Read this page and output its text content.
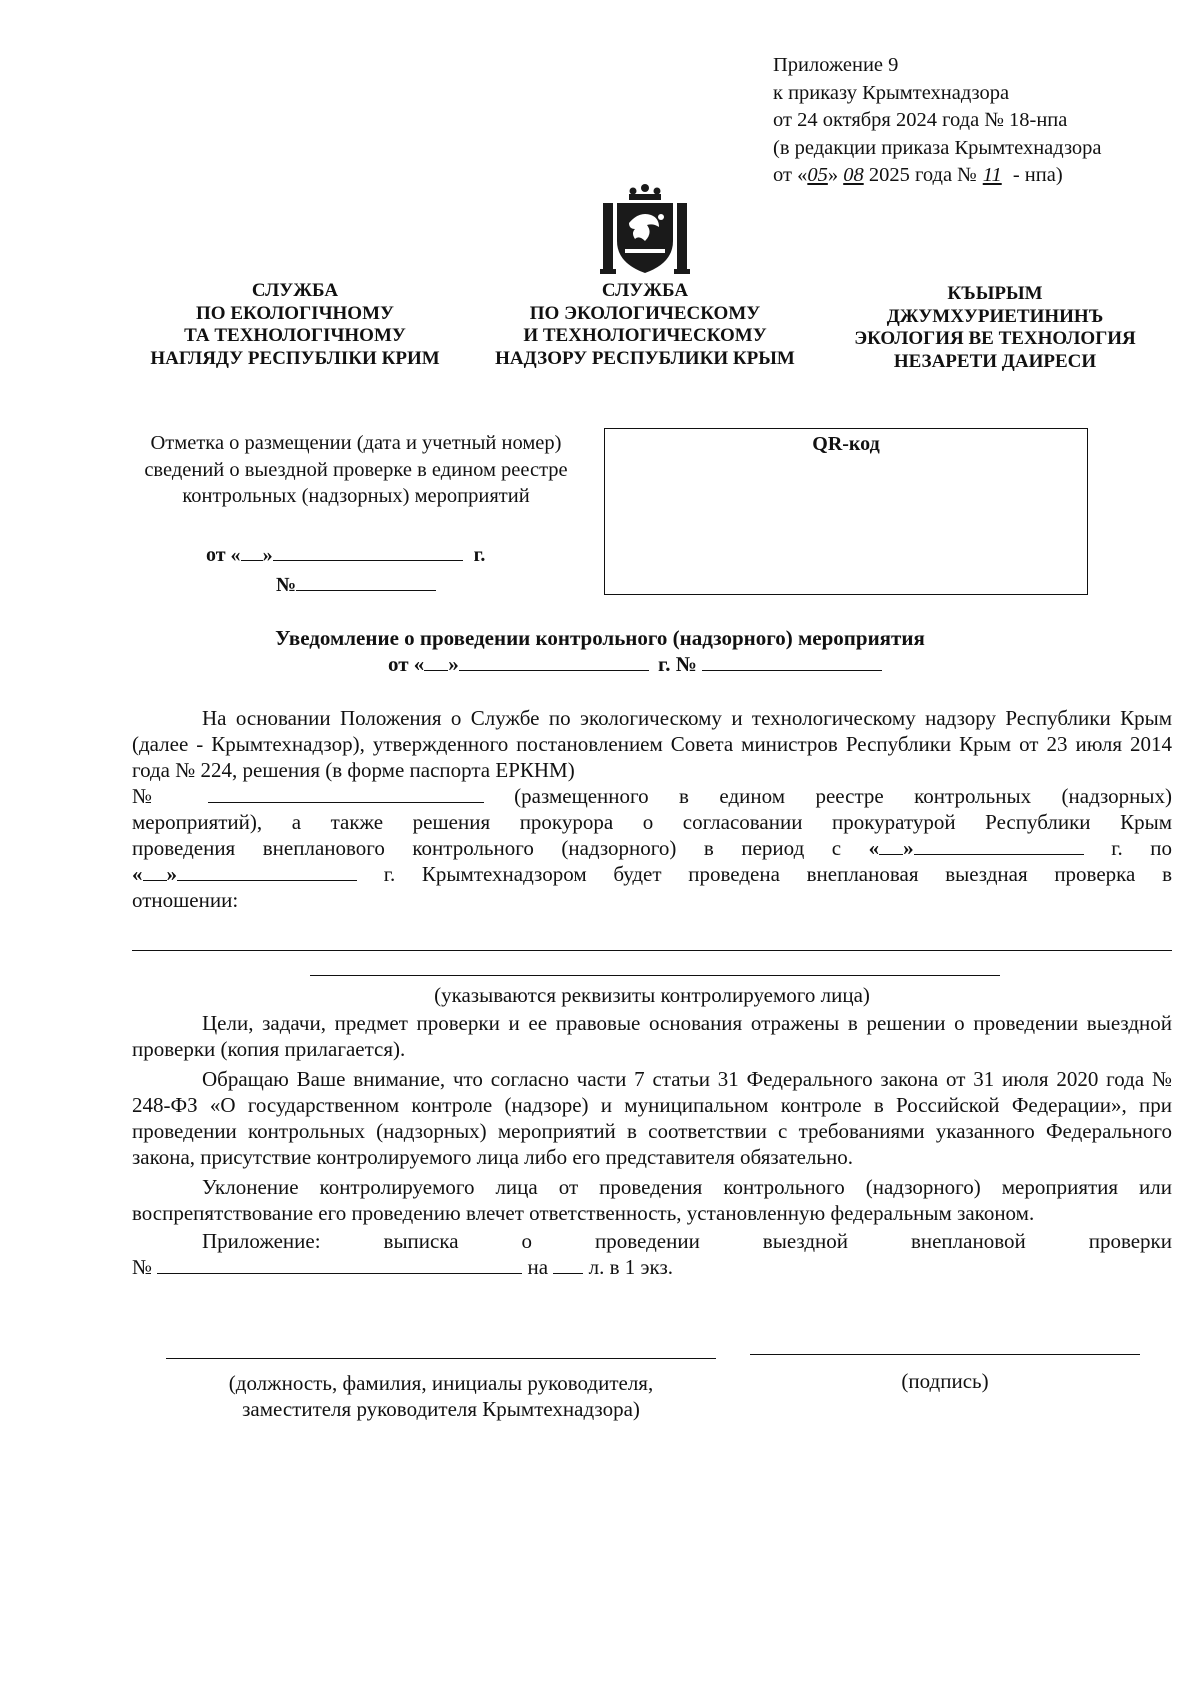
Приложение 9
к приказу Крымтехнадзора
от 24 октября 2024 года № 18-нпа
(в редакции приказа Крымтехнадзора
от «05» 08 2025 года № 11 - нпа)
СЛУЖБА
ПО ЕКОЛОГІЧНОМУ
ТА ТЕХНОЛОГІЧНОМУ
НАГЛЯДУ РЕСПУБЛІКИ КРИМ
СЛУЖБА
ПО ЭКОЛОГИЧЕСКОМУ
И ТЕХНОЛОГИЧЕСКОМУ
НАДЗОРУ РЕСПУБЛИКИ КРЫМ
КЪЫРЫМ
ДЖУМХУРИЕТИНИНЪ
ЭКОЛОГИЯ ВЕ ТЕХНОЛОГИЯ
НЕЗАРЕТИ ДАИРЕСИ
Отметка о размещении (дата и учетный номер) сведений о выездной проверке в едином реестре контрольных (надзорных) мероприятий
от « »	г.
№
QR-код
Уведомление о проведении контрольного (надзорного) мероприятия
от « »	г. №

На основании Положения о Службе по экологическому и технологическому надзору Республики Крым (далее - Крымтехнадзор), утвержденного постановлением Совета министров Республики Крым от 23 июля 2014 года № 224, решения (в форме паспорта ЕРКНМ)

№	(размещенного в едином реестре контрольных (надзорных)
мероприятий), а также решения прокурора о согласовании прокуратурой Республики Крым
проведения внепланового контрольного (надзорного) в период с « »	г. по
« »	г. Крымтехнадзором будет проведена внеплановая выездная проверка в
отношении:
(указываются реквизиты контролируемого лица)

Цели, задачи, предмет проверки и ее правовые основания отражены в решении о проведении выездной проверки (копия прилагается).

Обращаю Ваше внимание, что согласно части 7 статьи 31 Федерального закона от 31 июля 2020 года № 248-ФЗ «О государственном контроле (надзоре) и муниципальном контроле в Российской Федерации», при проведении контрольных (надзорных) мероприятий в соответствии с требованиями указанного Федерального закона, присутствие контролируемого лица либо его представителя обязательно.

Уклонение контролируемого лица от проведения контрольного (надзорного) мероприятия или воспрепятствование его проведению влечет ответственность, установленную федеральным законом.

Приложение: выписка о проведении выездной внеплановой проверки
№	на л. в 1 экз.
(должность, фамилия, инициалы руководителя,
заместителя руководителя Крымтехнадзора)
(подпись)
